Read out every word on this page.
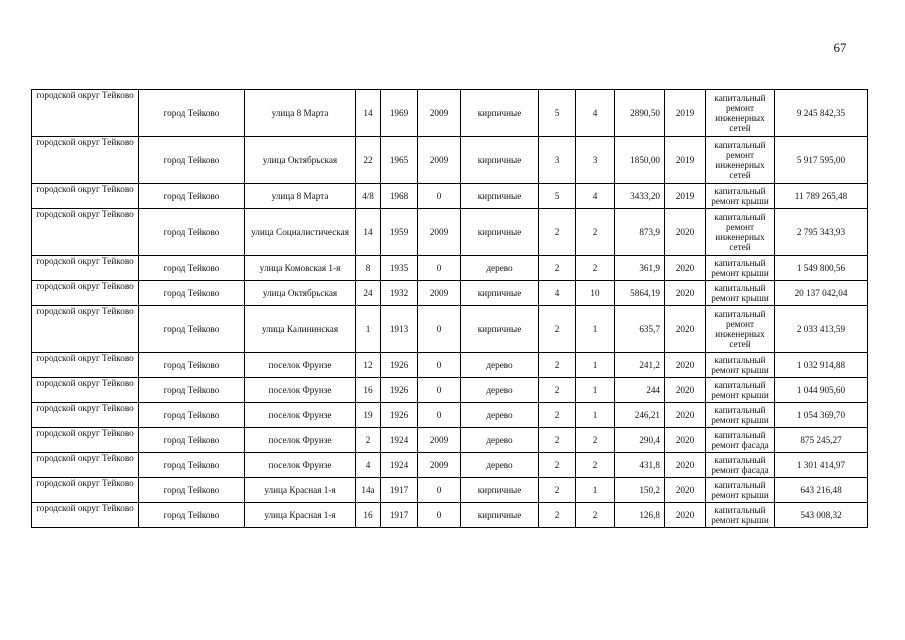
67
городской округ Тейково	город Тейково	улица 8 Марта	14	1969	2009	кирпичные	5	4	2890,50	2019	капитальный ремонт инженерных сетей	9 245 842,35
городской округ Тейково	город Тейково	улица Октябрьская	22	1965	2009	кирпичные	3	3	1850,00	2019	капитальный ремонт инженерных сетей	5 917 595,00
городской округ Тейково	город Тейково	улица 8 Марта	4/8	1968	0	кирпичные	5	4	3433,20	2019	капитальный ремонт крыши	11 789 265,48
городской округ Тейково	город Тейково	улица Социалистическая	14	1959	2009	кирпичные	2	2	873,9	2020	капитальный ремонт инженерных сетей	2 795 343,93
городской округ Тейково	город Тейково	улица Комовская 1-я	8	1935	0	дерево	2	2	361,9	2020	капитальный ремонт крыши	1 549 800,56
городской округ Тейково	город Тейково	улица Октябрьская	24	1932	2009	кирпичные	4	10	5864,19	2020	капитальный ремонт крыши	20 137 042,04
городской округ Тейково	город Тейково	улица Калининская	1	1913	0	кирпичные	2	1	635,7	2020	капитальный ремонт инженерных сетей	2 033 413,59
городской округ Тейково	город Тейково	поселок Фрунзе	12	1926	0	дерево	2	1	241,2	2020	капитальный ремонт крыши	1 032 914,88
городской округ Тейково	город Тейково	поселок Фрунзе	16	1926	0	дерево	2	1	244	2020	капитальный ремонт крыши	1 044 905,60
городской округ Тейково	город Тейково	поселок Фрунзе	19	1926	0	дерево	2	1	246,21	2020	капитальный ремонт крыши	1 054 369,70
городской округ Тейково	город Тейково	поселок Фрунзе	2	1924	2009	дерево	2	2	290,4	2020	капитальный ремонт фасада	875 245,27
городской округ Тейково	город Тейково	поселок Фрунзе	4	1924	2009	дерево	2	2	431,8	2020	капитальный ремонт фасада	1 301 414,97
городской округ Тейково	город Тейково	улица Красная 1-я	14а	1917	0	кирпичные	2	1	150,2	2020	капитальный ремонт крыши	643 216,48
городской округ Тейково	город Тейково	улица Красная 1-я	16	1917	0	кирпичные	2	2	126,8	2020	капитальный ремонт крыши	543 008,32
